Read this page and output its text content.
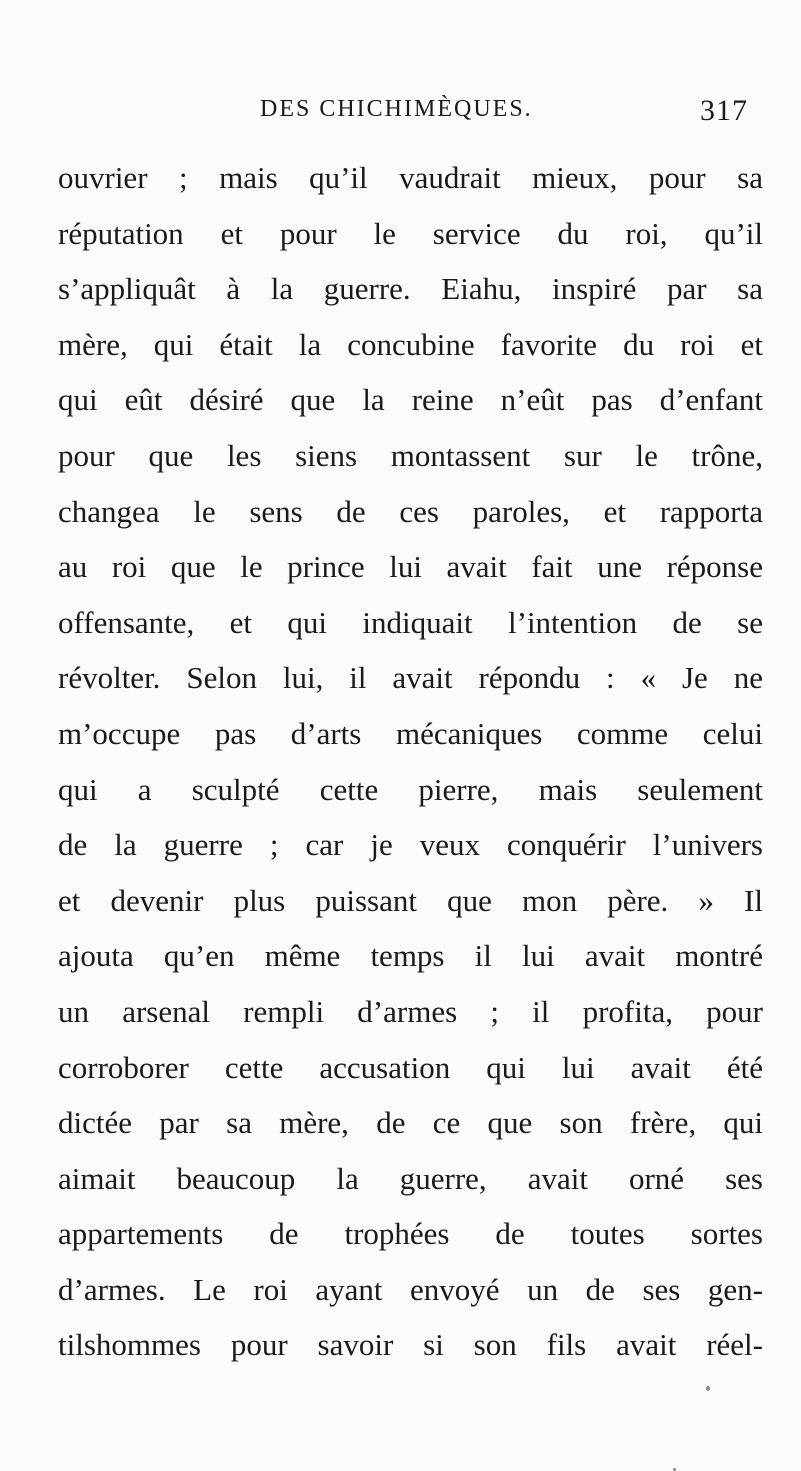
DES CHICHIMÈQUES.	317
ouvrier ; mais qu’il vaudrait mieux, pour sa
réputation et pour le service du roi, qu’il
s’appliquât à la guerre. Eiahu, inspiré par sa
mère, qui était la concubine favorite du roi et
qui eût désiré que la reine n’eût pas d’enfant
pour que les siens montassent sur le trône,
changea le sens de ces paroles, et rapporta
au roi que le prince lui avait fait une réponse
offensante, et qui indiquait l’intention de se
révolter. Selon lui, il avait répondu : « Je ne
m’occupe pas d’arts mécaniques comme celui
qui a sculpté cette pierre, mais seulement
de la guerre ; car je veux conquérir l’univers
et devenir plus puissant que mon père. » Il
ajouta qu’en même temps il lui avait montré
un arsenal rempli d’armes ; il profita, pour
corroborer cette accusation qui lui avait été
dictée par sa mère, de ce que son frère, qui
aimait beaucoup la guerre, avait orné ses
appartements de trophées de toutes sortes
d’armes. Le roi ayant envoyé un de ses gen-
tilshommes pour savoir si son fils avait réel-
